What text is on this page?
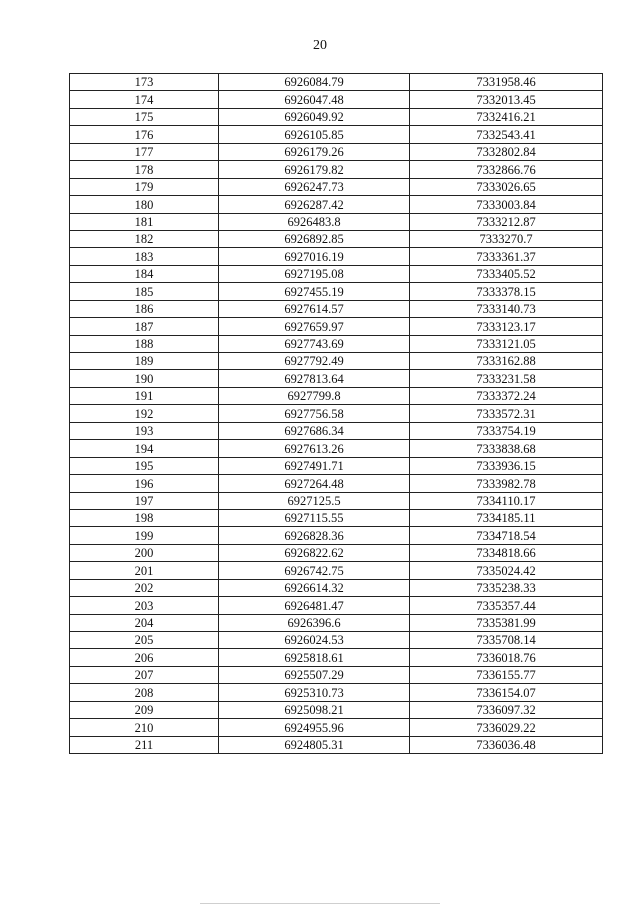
20
173	6926084.79	7331958.46
174	6926047.48	7332013.45
175	6926049.92	7332416.21
176	6926105.85	7332543.41
177	6926179.26	7332802.84
178	6926179.82	7332866.76
179	6926247.73	7333026.65
180	6926287.42	7333003.84
181	6926483.8	7333212.87
182	6926892.85	7333270.7
183	6927016.19	7333361.37
184	6927195.08	7333405.52
185	6927455.19	7333378.15
186	6927614.57	7333140.73
187	6927659.97	7333123.17
188	6927743.69	7333121.05
189	6927792.49	7333162.88
190	6927813.64	7333231.58
191	6927799.8	7333372.24
192	6927756.58	7333572.31
193	6927686.34	7333754.19
194	6927613.26	7333838.68
195	6927491.71	7333936.15
196	6927264.48	7333982.78
197	6927125.5	7334110.17
198	6927115.55	7334185.11
199	6926828.36	7334718.54
200	6926822.62	7334818.66
201	6926742.75	7335024.42
202	6926614.32	7335238.33
203	6926481.47	7335357.44
204	6926396.6	7335381.99
205	6926024.53	7335708.14
206	6925818.61	7336018.76
207	6925507.29	7336155.77
208	6925310.73	7336154.07
209	6925098.21	7336097.32
210	6924955.96	7336029.22
211	6924805.31	7336036.48
